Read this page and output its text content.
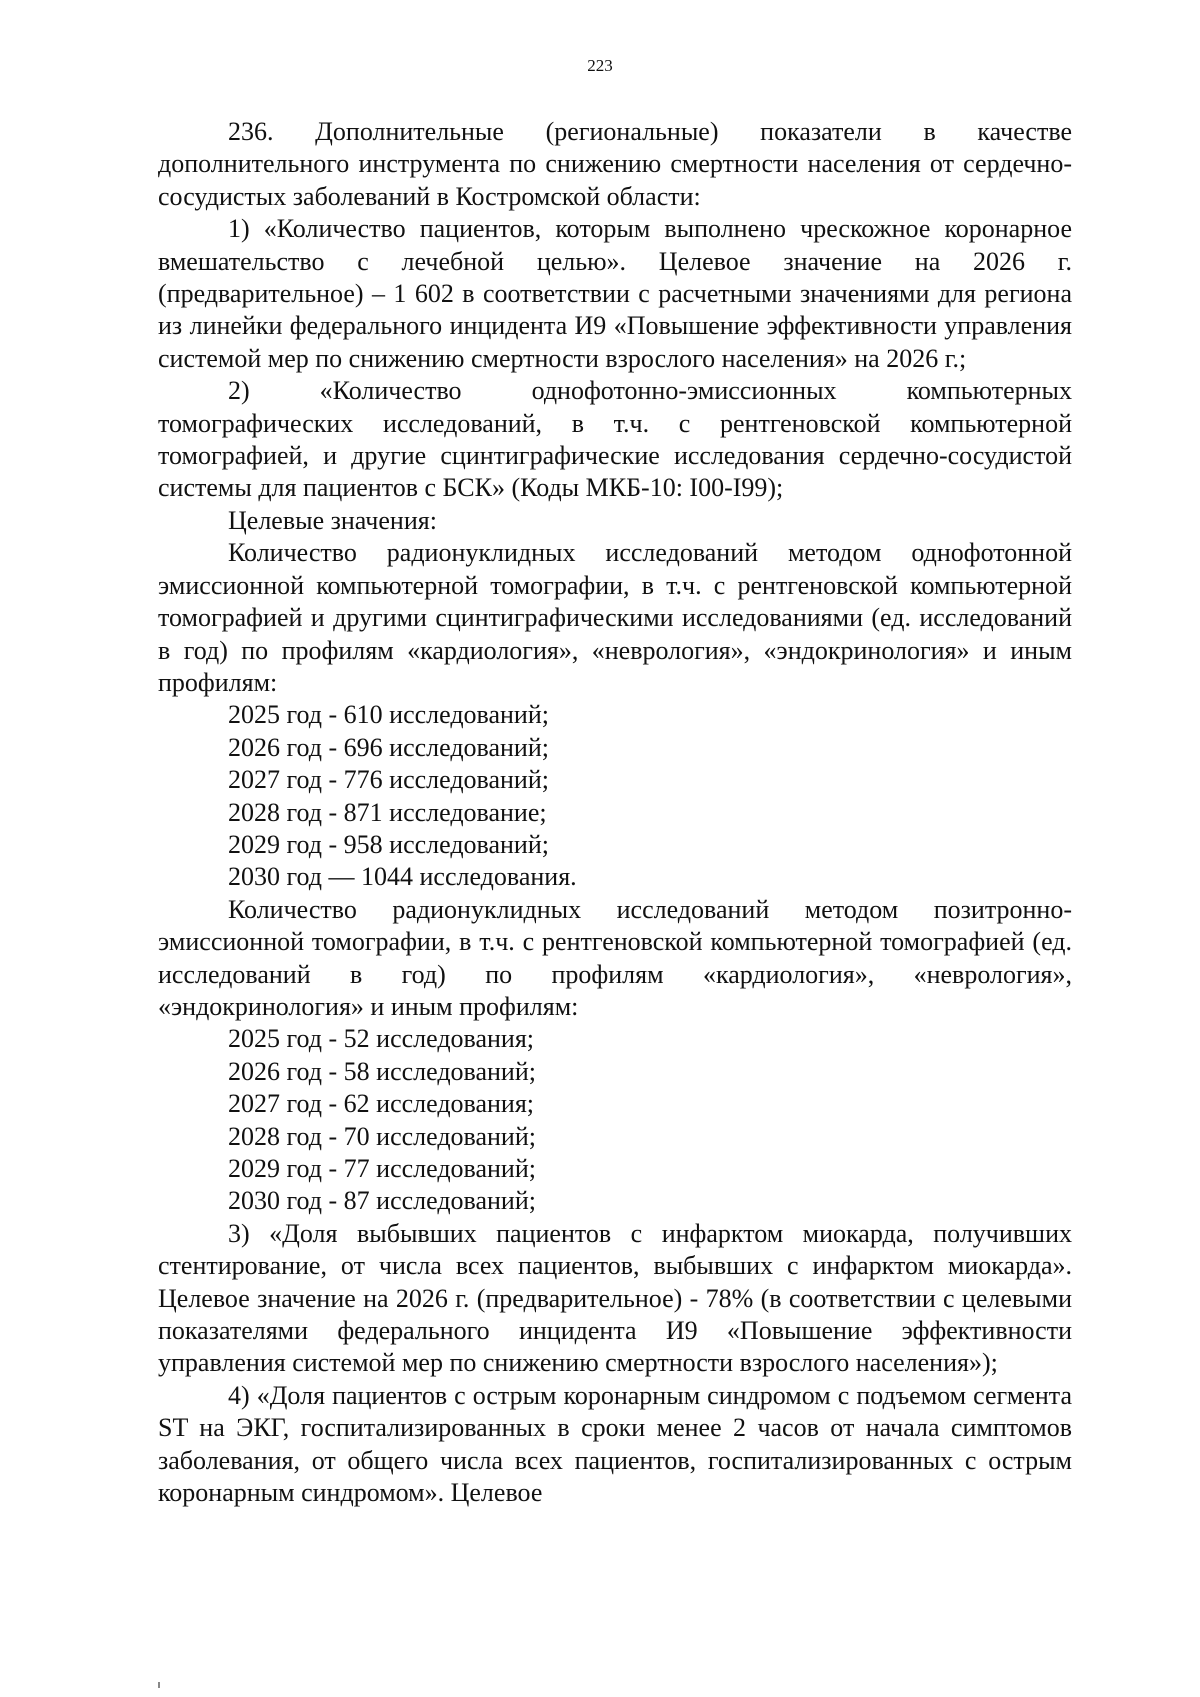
223

236. Дополнительные (региональные) показатели в качестве дополнительного инструмента по снижению смертности населения от сердечно-сосудистых заболеваний в Костромской области:

1) «Количество пациентов, которым выполнено чрескожное коронарное вмешательство с лечебной целью». Целевое значение на 2026 г. (предварительное) – 1 602 в соответствии с расчетными значениями для региона из линейки федерального инцидента И9 «Повышение эффективности управления системой мер по снижению смертности взрослого населения» на 2026 г.;

2) «Количество однофотонно-эмиссионных компьютерных томографических исследований, в т.ч. с рентгеновской компьютерной томографией, и другие сцинтиграфические исследования сердечно-сосудистой системы для пациентов с БСК» (Коды МКБ-10: I00-I99);

Целевые значения:

Количество радионуклидных исследований методом однофотонной эмиссионной компьютерной томографии, в т.ч. с рентгеновской компьютерной томографией и другими сцинтиграфическими исследованиями (ед. исследований в год) по профилям «кардиология», «неврология», «эндокринология» и иным профилям:

2025 год - 610 исследований;

2026 год - 696 исследований;

2027 год - 776 исследований;

2028 год - 871 исследование;

2029 год - 958 исследований;

2030 год — 1044 исследования.

Количество радионуклидных исследований методом позитронно-эмиссионной томографии, в т.ч. с рентгеновской компьютерной томографией (ед. исследований в год) по профилям «кардиология», «неврология», «эндокринология» и иным профилям:

2025 год - 52 исследования;

2026 год - 58 исследований;

2027 год - 62 исследования;

2028 год - 70 исследований;

2029 год - 77 исследований;

2030 год - 87 исследований;

3) «Доля выбывших пациентов с инфарктом миокарда, получивших стентирование, от числа всех пациентов, выбывших с инфарктом миокарда». Целевое значение на 2026 г. (предварительное) - 78% (в соответствии с целевыми показателями федерального инцидента И9 «Повышение эффективности управления системой мер по снижению смертности взрослого населения»);

4) «Доля пациентов с острым коронарным синдромом с подъемом сегмента ST на ЭКГ, госпитализированных в сроки менее 2 часов от начала симптомов заболевания, от общего числа всех пациентов, госпитализированных с острым коронарным синдромом». Целевое
